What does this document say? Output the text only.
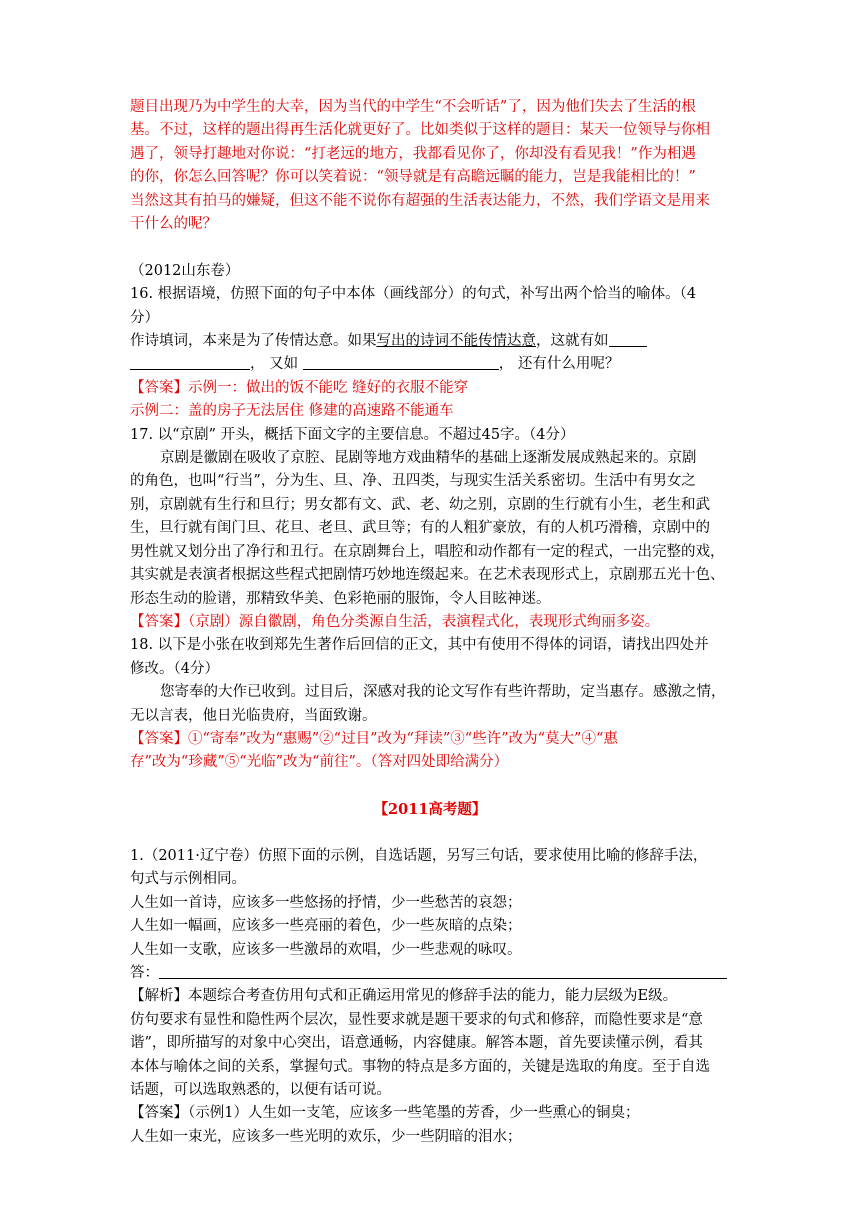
题目出现乃为中学生的大幸，因为当代的中学生“不会听话”了，因为他们失去了生活的根
基。不过，这样的题出得再生活化就更好了。比如类似于这样的题目：某天一位领导与你相
遇了，领导打趣地对你说：“打老远的地方，我都看见你了，你却没有看见我！”作为相遇
的你，你怎么回答呢？你可以笑着说：“领导就是有高瞻远瞩的能力，岂是我能相比的！”
当然这其有拍马的嫌疑，但这不能不说你有超强的生活表达能力，不然，我们学语文是用来
干什么的呢？
（2012山东卷）
16. 根据语境，仿照下面的句子中本体（画线部分）的句式，补写出两个恰当的喻体。（4
分）
作诗填词，本来是为了传情达意。如果写出的诗词不能传情达意，这就有如
， 又如	， 还有什么用呢？
【答案】示例一：做出的饭不能吃 缝好的衣服不能穿
示例二：盖的房子无法居住 修建的高速路不能通车
17. 以“京剧” 开头，概括下面文字的主要信息。不超过45字。（4分）
京剧是徽剧在吸收了京腔、昆剧等地方戏曲精华的基础上逐渐发展成熟起来的。京剧
的角色，也叫“行当”，分为生、旦、净、丑四类，与现实生活关系密切。生活中有男女之
别，京剧就有生行和旦行；男女都有文、武、老、幼之别，京剧的生行就有小生，老生和武
生，旦行就有闺门旦、花旦、老旦、武旦等；有的人粗犷豪放，有的人机巧滑稽，京剧中的
男性就又划分出了净行和丑行。在京剧舞台上，唱腔和动作都有一定的程式，一出完整的戏，
其实就是表演者根据这些程式把剧情巧妙地连缀起来。在艺术表现形式上，京剧那五光十色、
形态生动的脸谱，那精致华美、色彩艳丽的服饰，令人目眩神迷。
【答案】（京剧）源自徽剧，角色分类源自生活，表演程式化，表现形式绚丽多姿。
18. 以下是小张在收到郑先生著作后回信的正文，其中有使用不得体的词语，请找出四处并
修改。（4分）
您寄奉的大作已收到。过目后，深感对我的论文写作有些许帮助，定当惠存。感激之情，
无以言表，他日光临贵府，当面致谢。
【答案】①“寄奉”改为“惠赐”②“过目”改为“拜读”③“些许”改为“莫大”④“惠
存”改为“珍藏”⑤“光临”改为“前往”。（答对四处即给满分）
【2011高考题】
1.（2011·辽宁卷）仿照下面的示例，自选话题，另写三句话，要求使用比喻的修辞手法，
句式与示例相同。
人生如一首诗，应该多一些悠扬的抒情，少一些愁苦的哀怨；
人生如一幅画，应该多一些亮丽的着色，少一些灰暗的点染；
人生如一支歌，应该多一些激昂的欢唱，少一些悲观的咏叹。
答：
【解析】本题综合考查仿用句式和正确运用常见的修辞手法的能力，能力层级为E级。
仿句要求有显性和隐性两个层次，显性要求就是题干要求的句式和修辞，而隐性要求是“意
谐”，即所描写的对象中心突出，语意通畅，内容健康。解答本题，首先要读懂示例，看其
本体与喻体之间的关系，掌握句式。事物的特点是多方面的，关键是选取的角度。至于自选
话题，可以选取熟悉的，以便有话可说。
【答案】（示例1）人生如一支笔，应该多一些笔墨的芳香，少一些熏心的铜臭；
人生如一束光，应该多一些光明的欢乐，少一些阴暗的泪水；
